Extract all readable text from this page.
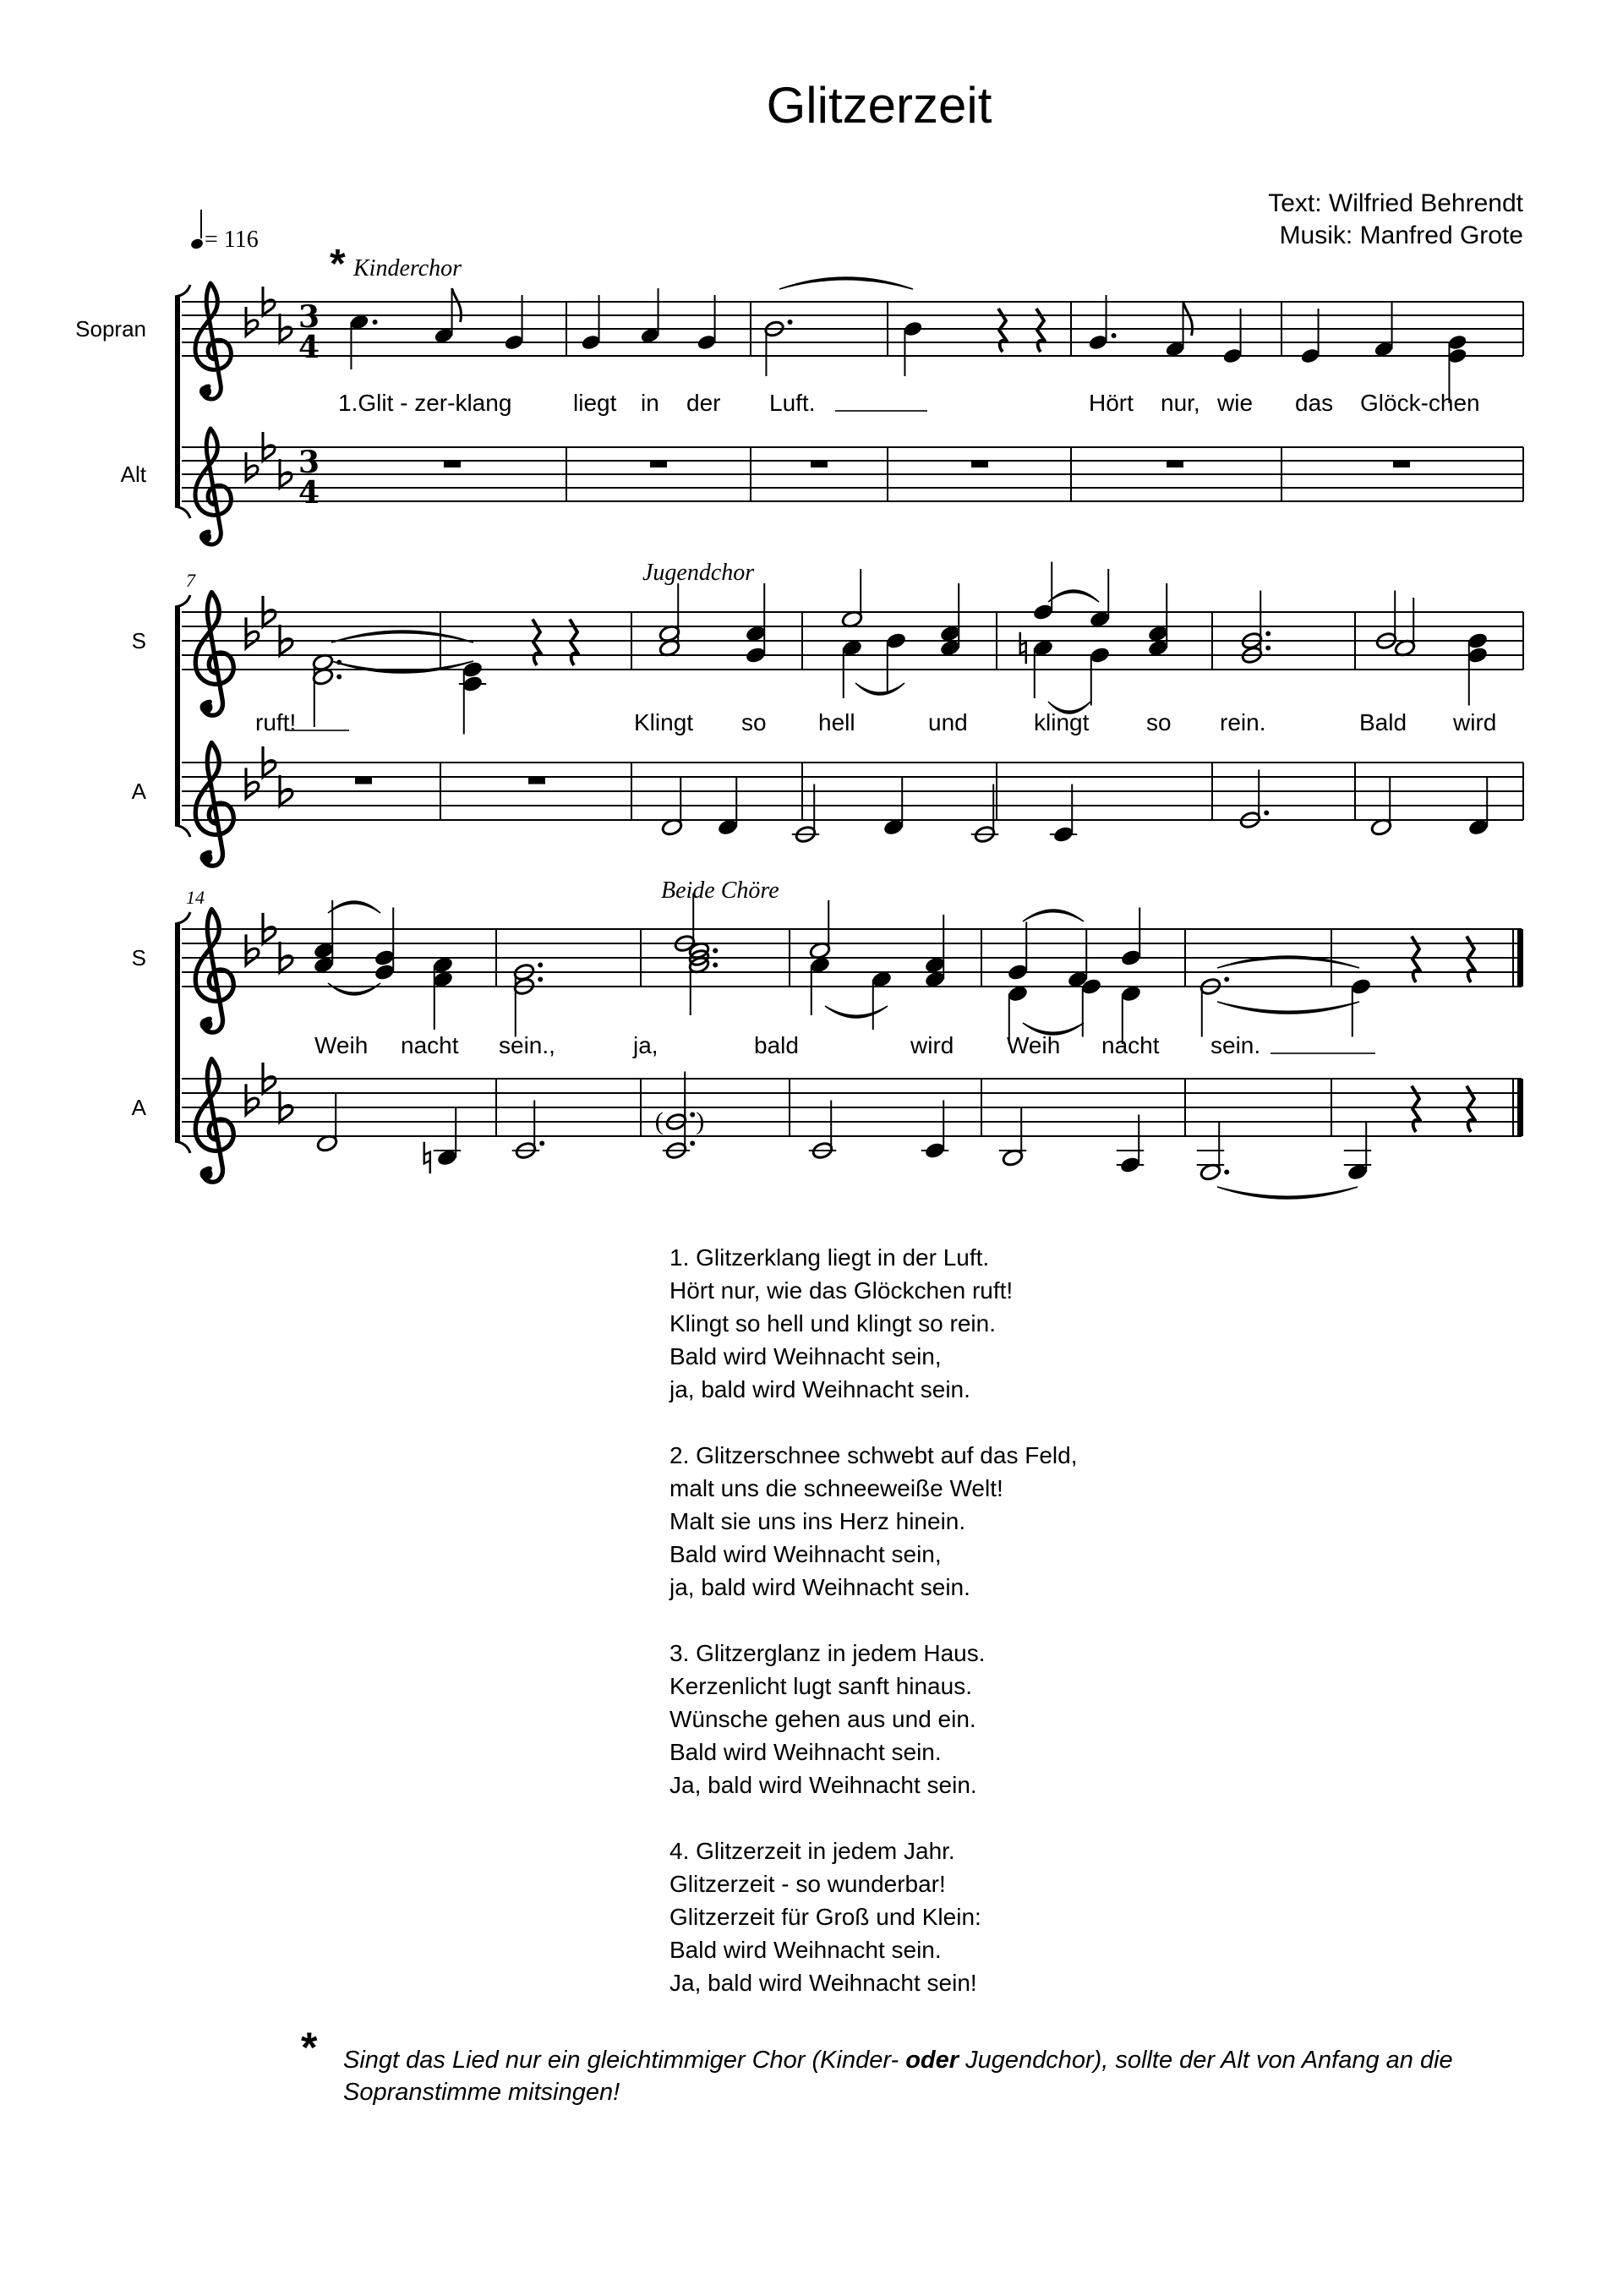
Glitzerzeit
Text: Wilfried Behrendt
Musik: Manfred Grote
= 116
* Kinderchor
Sopran	3
4
Alt	3
4
1.Glit - zer-klang	liegt in der Luft.	Hört nur, wie das Glöck-chen
7	Jugendchor
S
A
ruft!	Klingt so hell	und	klingt so rein.	Bald wird
14	Beide Chöre
S
A	( )
Weih nacht sein.,	ja,	bald	wird Weih nacht sein.
1. Glitzerklang liegt in der Luft.
Hört nur, wie das Glöckchen ruft!
Klingt so hell und klingt so rein.
Bald wird Weihnacht sein,
ja, bald wird Weihnacht sein.
2. Glitzerschnee schwebt auf das Feld,
malt uns die schneeweiße Welt!
Malt sie uns ins Herz hinein.
Bald wird Weihnacht sein,
ja, bald wird Weihnacht sein.
3. Glitzerglanz in jedem Haus.
Kerzenlicht lugt sanft hinaus.
Wünsche gehen aus und ein.
Bald wird Weihnacht sein.
Ja, bald wird Weihnacht sein.
4. Glitzerzeit in jedem Jahr.
Glitzerzeit - so wunderbar!
Glitzerzeit für Groß und Klein:
Bald wird Weihnacht sein.
Ja, bald wird Weihnacht sein!
* Singt das Lied nur ein gleichtimmiger Chor (Kinder- oder Jugendchor), sollte der Alt von Anfang an die Sopranstimme mitsingen!
